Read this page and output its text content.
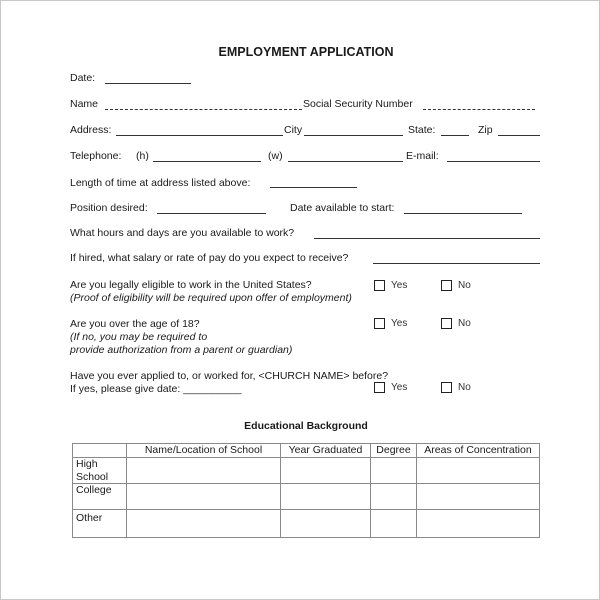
EMPLOYMENT APPLICATION
Date:
Name	Social Security Number
Address:	City	State:	Zip
Telephone: (h)	(w)	E-mail:
Length of time at address listed above:
Position desired:	Date available to start:
What hours and days are you available to work?
If hired, what salary or rate of pay do you expect to receive?
Are you legally eligible to work in the United States?
(Proof of eligibility will be required upon offer of employment)
Yes	No
Are you over the age of 18?
(If no, you may be required to
provide authorization from a parent or guardian)
Yes	No
Have you ever applied to, or worked for, <CHURCH NAME> before?
If yes, please give date: __________	Yes	No
Educational Background
	Name/Location of School	Year Graduated	Degree	Areas of Concentration
High
School				
College				
Other				
